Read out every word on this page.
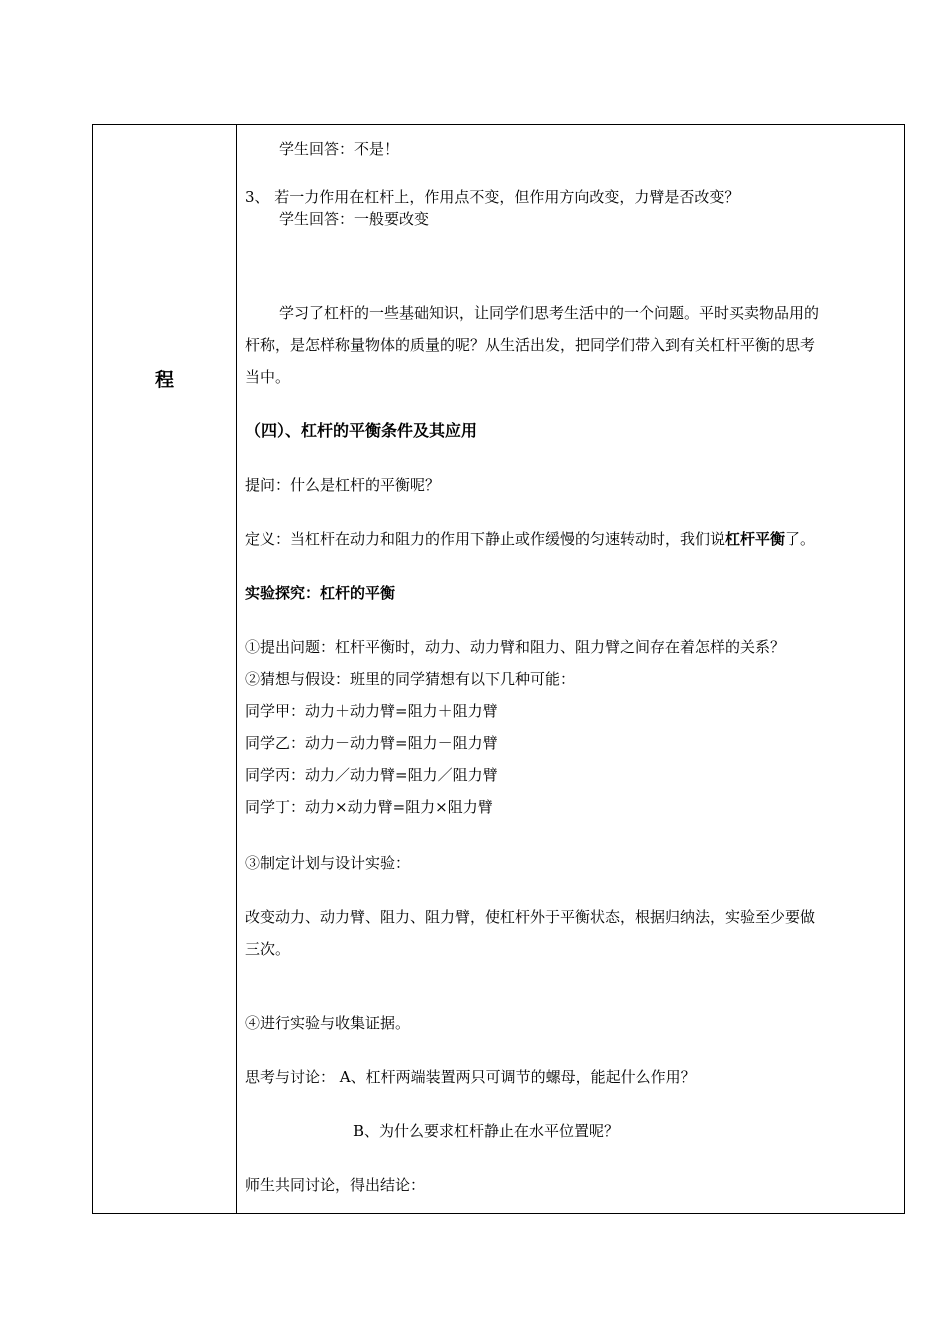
程
学生回答：不是！
3、 若一力作用在杠杆上，作用点不变，但作用方向改变，力臂是否改变？
学生回答：一般要改变
学习了杠杆的一些基础知识，让同学们思考生活中的一个问题。平时买卖物品用的
杆称，是怎样称量物体的质量的呢？从生活出发，把同学们带入到有关杠杆平衡的思考
当中。
（四）、杠杆的平衡条件及其应用
提问：什么是杠杆的平衡呢？
定义：当杠杆在动力和阻力的作用下静止或作缓慢的匀速转动时，我们说杠杆平衡了。
实验探究：杠杆的平衡
①提出问题：杠杆平衡时，动力、动力臂和阻力、阻力臂之间存在着怎样的关系？
②猜想与假设：班里的同学猜想有以下几种可能：
同学甲：动力＋动力臂=阻力＋阻力臂
同学乙：动力－动力臂=阻力－阻力臂
同学丙：动力／动力臂=阻力／阻力臂
同学丁：动力×动力臂=阻力×阻力臂
③制定计划与设计实验：
改变动力、动力臂、阻力、阻力臂，使杠杆外于平衡状态，根据归纳法，实验至少要做
三次。
④进行实验与收集证据。
思考与讨论： A、杠杆两端装置两只可调节的螺母，能起什么作用？
B、为什么要求杠杆静止在水平位置呢？
师生共同讨论，得出结论：
